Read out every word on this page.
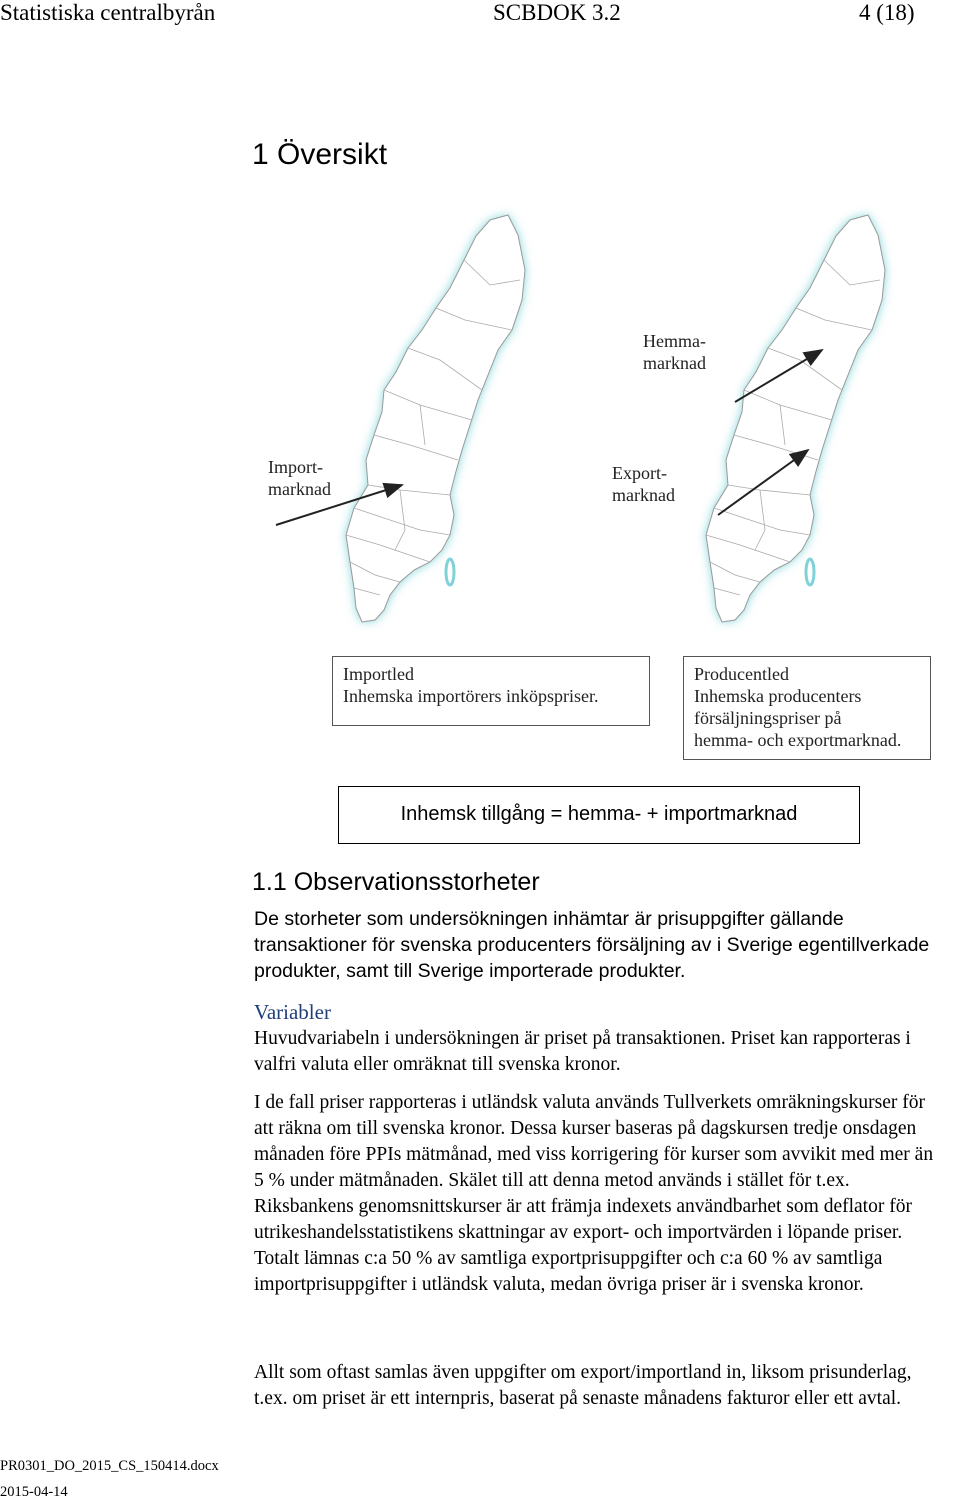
Statistiska centralbyrån	SCBDOK 3.2	4 (18)
1 Översikt
Import-
marknad
Hemma-
marknad
Export-
marknad
Importled
Inhemska importörers inköpspriser.
Producentled
Inhemska producenters
försäljningspriser på
hemma- och exportmarknad.
Inhemsk tillgång = hemma- + importmarknad
1.1 Observationsstorheter
De storheter som undersökningen inhämtar är prisuppgifter gällande transaktioner för svenska producenters försäljning av i Sverige egentillverkade produkter, samt till Sverige importerade produkter.
Variabler
Huvudvariabeln i undersökningen är priset på transaktionen. Priset kan rapporteras i valfri valuta eller omräknat till svenska kronor.
I de fall priser rapporteras i utländsk valuta används Tullverkets omräkningskurser för att räkna om till svenska kronor. Dessa kurser baseras på dagskursen tredje onsdagen månaden före PPIs mätmånad, med viss korrigering för kurser som avvikit med mer än 5 % under mätmånaden. Skälet till att denna metod används i stället för t.ex. Riksbankens genomsnittskurser är att främja indexets användbarhet som deflator för utrikeshandelsstatistikens skattningar av export- och importvärden i löpande priser. Totalt lämnas c:a 50 % av samtliga exportprisuppgifter och c:a 60 % av samtliga importprisuppgifter i utländsk valuta, medan övriga priser är i svenska kronor.
Allt som oftast samlas även uppgifter om export/importland in, liksom prisunderlag, t.ex. om priset är ett internpris, baserat på senaste månadens fakturor eller ett avtal.
PR0301_DO_2015_CS_150414.docx
2015-04-14
